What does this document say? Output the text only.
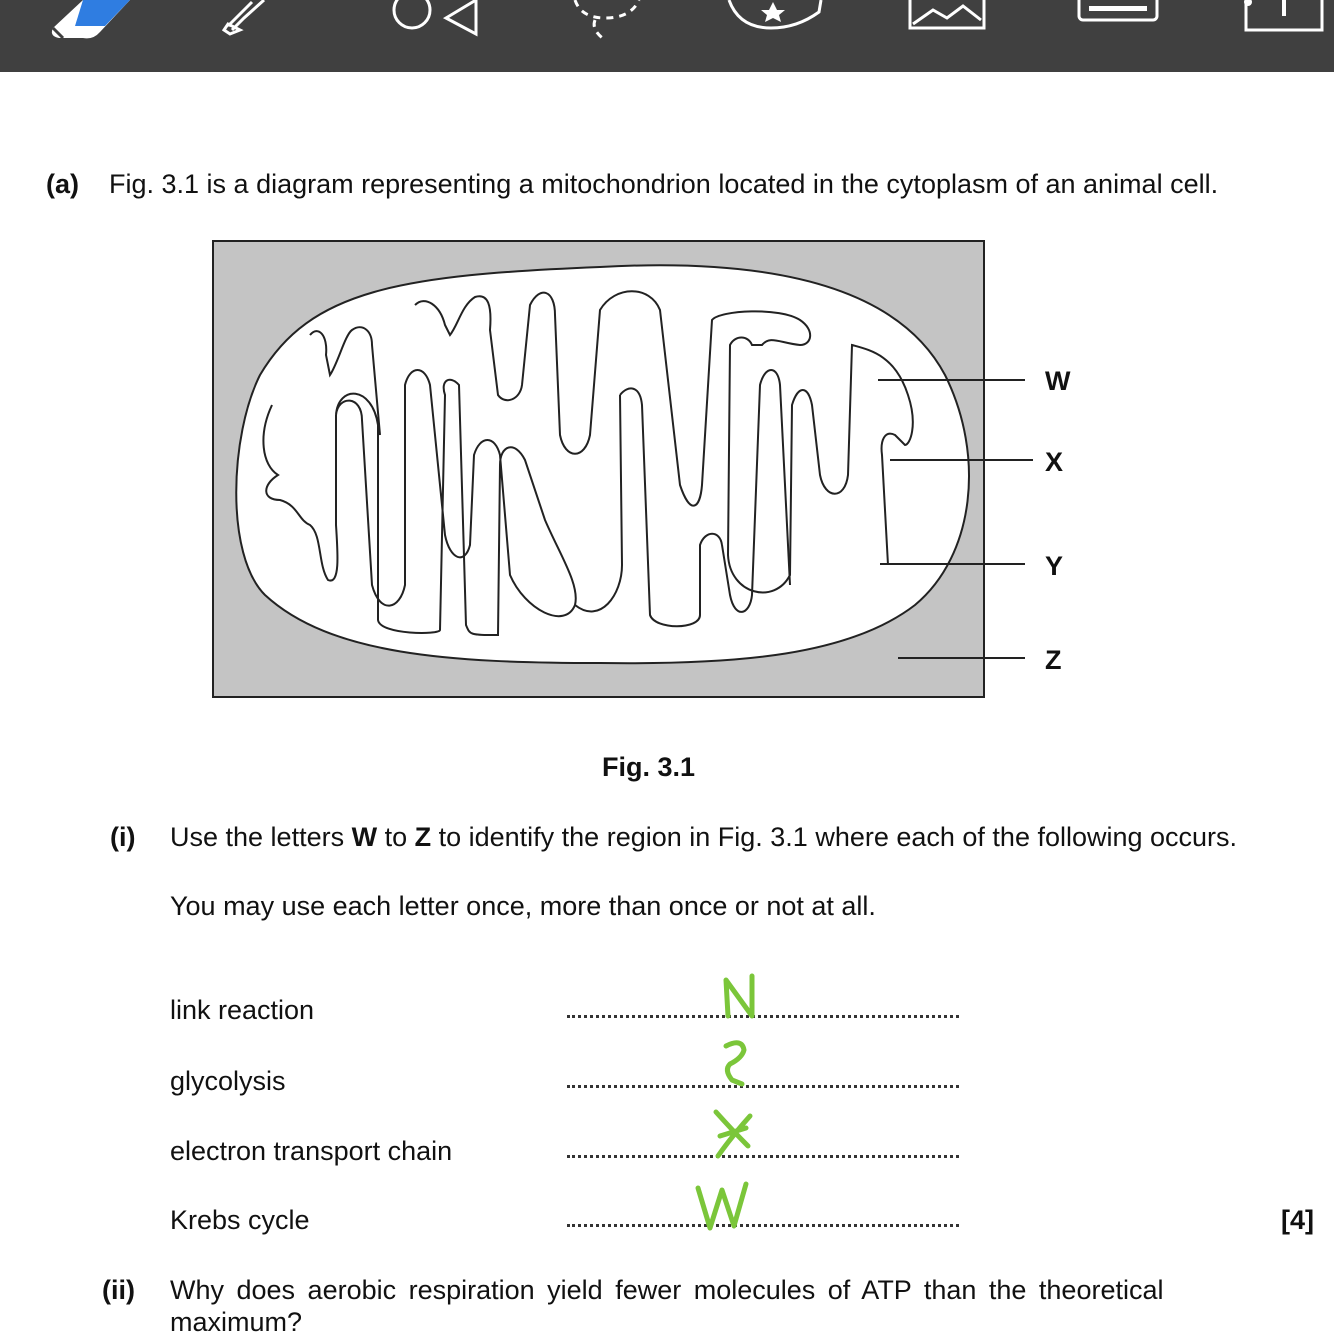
(a) Fig. 3.1 is a diagram representing a mitochondrion located in the cytoplasm of an animal cell.
W
X
Y
Z
Fig. 3.1
(i) Use the letters W to Z to identify the region in Fig. 3.1 where each of the following occurs.
You may use each letter once, more than once or not at all.
link reaction
glycolysis
electron transport chain
Krebs cycle	[4]
(ii) Why does aerobic respiration yield fewer molecules of ATP than the theoretical
maximum?
